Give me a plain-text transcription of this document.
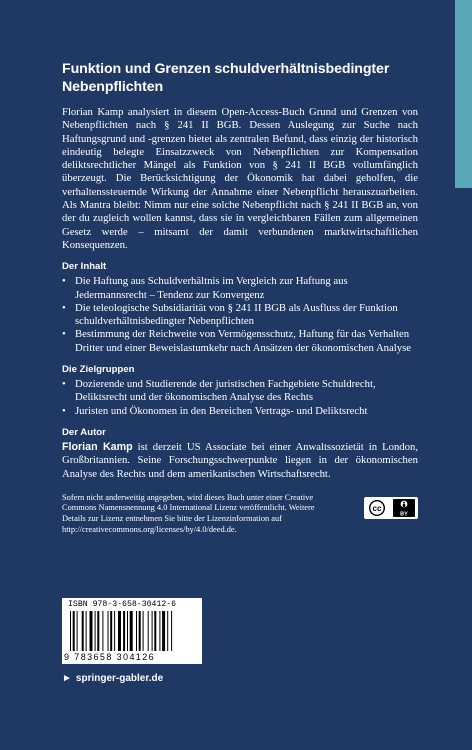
Funktion und Grenzen schuldverhältnisbedingter
Nebenpflichten

Florian Kamp analysiert in diesem Open-Access-Buch Grund und Grenzen von Nebenpflichten nach § 241 II BGB. Dessen Auslegung zur Suche nach Haftungsgrund und -grenzen bietet als zentralen Befund, dass einzig der historisch eindeutig belegte Einsatzzweck von Nebenpflichten zur Kompensation deliktsrechtlicher Mängel als Funktion von § 241 II BGB vollumfänglich überzeugt. Die Berücksichtigung der Ökonomik hat dabei geholfen, die verhaltenssteuernde Wirkung der Annahme einer Nebenpflicht herauszuarbeiten. Als Mantra bleibt: Nimm nur eine solche Nebenpflicht nach § 241 II BGB an, von der du zugleich wollen kannst, dass sie in vergleichbaren Fällen zum allgemeinen Gesetz werde – mitsamt der damit verbundenen marktwirtschaftlichen Konsequenzen.

Der Inhalt
• Die Haftung aus Schuldverhältnis im Vergleich zur Haftung aus Jedermannsrecht – Tendenz zur Konvergenz
• Die teleologische Subsidiarität von § 241 II BGB als Ausfluss der Funktion schuldverhältnisbedingter Nebenpflichten
• Bestimmung der Reichweite von Vermögensschutz, Haftung für das Verhalten Dritter und einer Beweislastumkehr nach Ansätzen der ökonomischen Analyse
Die Zielgruppen
• Dozierende und Studierende der juristischen Fachgebiete Schuldrecht, Deliktsrecht und der ökonomischen Analyse des Rechts
• Juristen und Ökonomen in den Bereichen Vertrags- und Deliktsrecht
Der Autor

Florian Kamp ist derzeit US Associate bei einer Anwaltssozietät in London, Großbritannien. Seine Forschungsschwerpunkte liegen in der ökonomischen Analyse des Rechts und dem amerikanischen Wirtschaftsrecht.

Sofern nicht anderweitig angegeben, wird dieses Buch unter einer Creative Commons Namensnennung 4.0 International Lizenz veröffentlicht. Weitere Details zur Lizenz entnehmen Sie bitte der Lizenzinformation auf http://creativecommons.org/licenses/by/4.0/deed.de.
cc
BY
ISBN 978-3-658-30412-6
9 783658 304126
► springer-gabler.de
